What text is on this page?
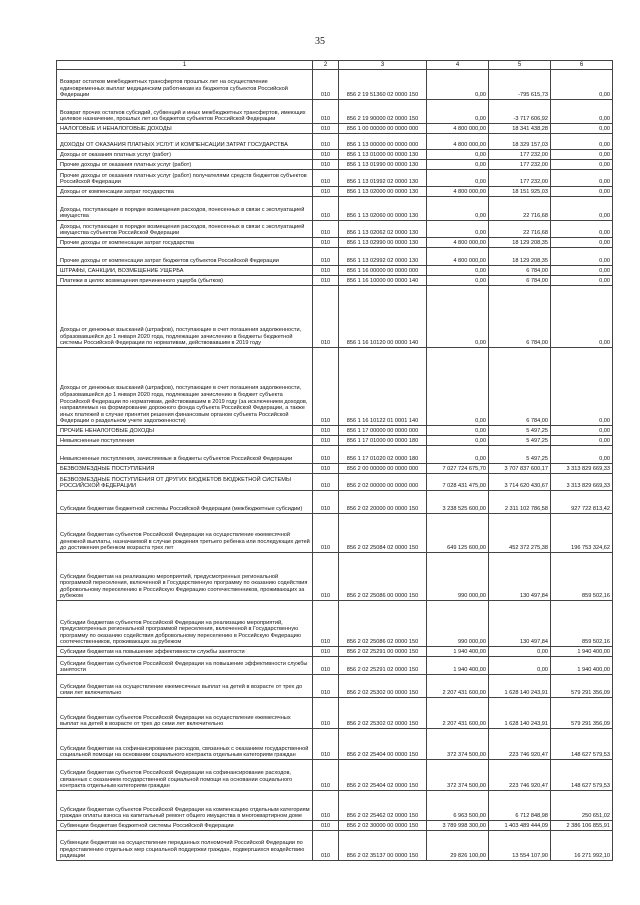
35
1	2	3	4	5	6
Возврат остатков межбюджетных трансфертов прошлых лет на осуществление единовременных выплат медицинским работникам из бюджетов субъектов Российской Федерации	010	856 2 19 51360 02 0000 150	0,00	-795 615,73	0,00
Возврат прочих остатков субсидий, субвенций и иных межбюджетных трансфертов, имеющих целевое назначение, прошлых лет из бюджетов субъектов Российской Федерации	010	856 2 19 90000 02 0000 150	0,00	-3 717 606,92	0,00
НАЛОГОВЫЕ И НЕНАЛОГОВЫЕ ДОХОДЫ	010	856 1 00 00000 00 0000 000	4 800 000,00	18 341 438,28	0,00
ДОХОДЫ ОТ ОКАЗАНИЯ ПЛАТНЫХ УСЛУГ И КОМПЕНСАЦИИ ЗАТРАТ ГОСУДАРСТВА	010	856 1 13 00000 00 0000 000	4 800 000,00	18 329 157,03	0,00
Доходы от оказания платных услуг (работ)	010	856 1 13 01000 00 0000 130	0,00	177 232,00	0,00
Прочие доходы от оказания платных услуг (работ)	010	856 1 13 01990 00 0000 130	0,00	177 232,00	0,00
Прочие доходы от оказания платных услуг (работ) получателями средств бюджетов субъектов Российской Федерации	010	856 1 13 01992 02 0000 130	0,00	177 232,00	0,00
Доходы от компенсации затрат государства	010	856 1 13 02000 00 0000 130	4 800 000,00	18 151 925,03	0,00
Доходы, поступающие в порядке возмещения расходов, понесенных в связи с эксплуатацией имущества	010	856 1 13 02060 00 0000 130	0,00	22 716,68	0,00
Доходы, поступающие в порядке возмещения расходов, понесенных в связи с эксплуатацией имущества субъектов Российской Федерации	010	856 1 13 02062 02 0000 130	0,00	22 716,68	0,00
Прочие доходы от компенсации затрат государства	010	856 1 13 02990 00 0000 130	4 800 000,00	18 129 208,35	0,00
Прочие доходы от компенсации затрат бюджетов субъектов Российской Федерации	010	856 1 13 02992 02 0000 130	4 800 000,00	18 129 208,35	0,00
ШТРАФЫ, САНКЦИИ, ВОЗМЕЩЕНИЕ УЩЕРБА	010	856 1 16 00000 00 0000 000	0,00	6 784,00	0,00
Платежи в целях возмещения причиненного ущерба (убытков)	010	856 1 16 10000 00 0000 140	0,00	6 784,00	0,00
Доходы от денежных взысканий (штрафов), поступающие в счет погашения задолженности, образовавшейся до 1 января 2020 года, подлежащие зачислению в бюджеты бюджетной системы Российской Федерации по нормативам, действовавшим в 2019 году	010	856 1 16 10120 00 0000 140	0,00	6 784,00	0,00
Доходы от денежных взысканий (штрафов), поступающие в счет погашения задолженности, образовавшейся до 1 января 2020 года, подлежащие зачислению в бюджет субъекта Российской Федерации по нормативам, действовавшим в 2019 году (за исключением доходов, направляемых на формирование дорожного фонда субъекта Российской Федерации, а также иных платежей в случае принятия решения финансовым органом субъекта Российской Федерации о раздельном учете задолженности)	010	856 1 16 10122 01 0001 140	0,00	6 784,00	0,00
ПРОЧИЕ НЕНАЛОГОВЫЕ ДОХОДЫ	010	856 1 17 00000 00 0000 000	0,00	5 497,25	0,00
Невыясненные поступления	010	856 1 17 01000 00 0000 180	0,00	5 497,25	0,00
Невыясненные поступления, зачисляемые в бюджеты субъектов Российской Федерации	010	856 1 17 01020 02 0000 180	0,00	5 497,25	0,00
БЕЗВОЗМЕЗДНЫЕ ПОСТУПЛЕНИЯ	010	856 2 00 00000 00 0000 000	7 027 724 675,70	3 707 837 600,17	3 313 829 669,33
БЕЗВОЗМЕЗДНЫЕ ПОСТУПЛЕНИЯ ОТ ДРУГИХ БЮДЖЕТОВ БЮДЖЕТНОЙ СИСТЕМЫ РОССИЙСКОЙ ФЕДЕРАЦИИ	010	856 2 02 00000 00 0000 000	7 028 431 475,00	3 714 620 430,67	3 313 829 669,33
Субсидии бюджетам бюджетной системы Российской Федерации (межбюджетные субсидии)	010	856 2 02 20000 00 0000 150	3 238 525 600,00	2 311 102 786,58	927 722 813,42
Субсидии бюджетам субъектов Российской Федерации на осуществление ежемесячной денежной выплаты, назначаемой в случае рождения третьего ребенка или последующих детей до достижения ребенком возраста трех лет	010	856 2 02 25084 02 0000 150	649 125 600,00	452 372 275,38	196 753 324,62
Субсидии бюджетам на реализацию мероприятий, предусмотренных региональной программой переселения, включенной в Государственную программу по оказанию содействия добровольному переселению в Российскую Федерацию соотечественников, проживающих за рубежом	010	856 2 02 25086 00 0000 150	990 000,00	130 497,84	859 502,16
Субсидии бюджетам субъектов Российской Федерации на реализацию мероприятий, предусмотренных региональной программой переселения, включенной в Государственную программу по оказанию содействия добровольному переселению в Российскую Федерацию соотечественников, проживающих за рубежом	010	856 2 02 25086 02 0000 150	990 000,00	130 497,84	859 502,16
Субсидии бюджетам на повышение эффективности службы занятости	010	856 2 02 25291 00 0000 150	1 940 400,00	0,00	1 940 400,00
Субсидии бюджетам субъектов Российской Федерации на повышение эффективности службы занятости	010	856 2 02 25291 02 0000 150	1 940 400,00	0,00	1 940 400,00
Субсидии бюджетам на осуществление ежемесячных выплат на детей в возрасте от трех до семи лет включительно	010	856 2 02 25302 00 0000 150	2 207 431 600,00	1 628 140 243,91	579 291 356,09
Субсидии бюджетам субъектов Российской Федерации на осуществление ежемесячных выплат на детей в возрасте от трех до семи лет включительно	010	856 2 02 25302 02 0000 150	2 207 431 600,00	1 628 140 243,91	579 291 356,09
Субсидии бюджетам на софинансирование расходов, связанных с оказанием государственной социальной помощи на основании социального контракта отдельным категориям граждан	010	856 2 02 25404 00 0000 150	372 374 500,00	223 746 920,47	148 627 579,53
Субсидии бюджетам субъектов Российской Федерации на софинансирование расходов, связанных с оказанием государственной социальной помощи на основании социального контракта отдельным категориям граждан	010	856 2 02 25404 02 0000 150	372 374 500,00	223 746 920,47	148 627 579,53
Субсидии бюджетам субъектов Российской Федерации на компенсацию отдельным категориям граждан оплаты взноса на капитальный ремонт общего имущества в многоквартирном доме	010	856 2 02 25462 02 0000 150	6 963 500,00	6 712 848,98	250 651,02
Субвенции бюджетам бюджетной системы Российской Федерации	010	856 2 02 30000 00 0000 150	3 789 998 300,00	1 403 489 444,09	2 386 106 855,91
Субвенции бюджетам на осуществление переданных полномочий Российской Федерации по предоставлению отдельных мер социальной поддержки граждан, подвергшихся воздействию радиации	010	856 2 02 35137 00 0000 150	29 826 100,00	13 554 107,90	16 271 992,10
